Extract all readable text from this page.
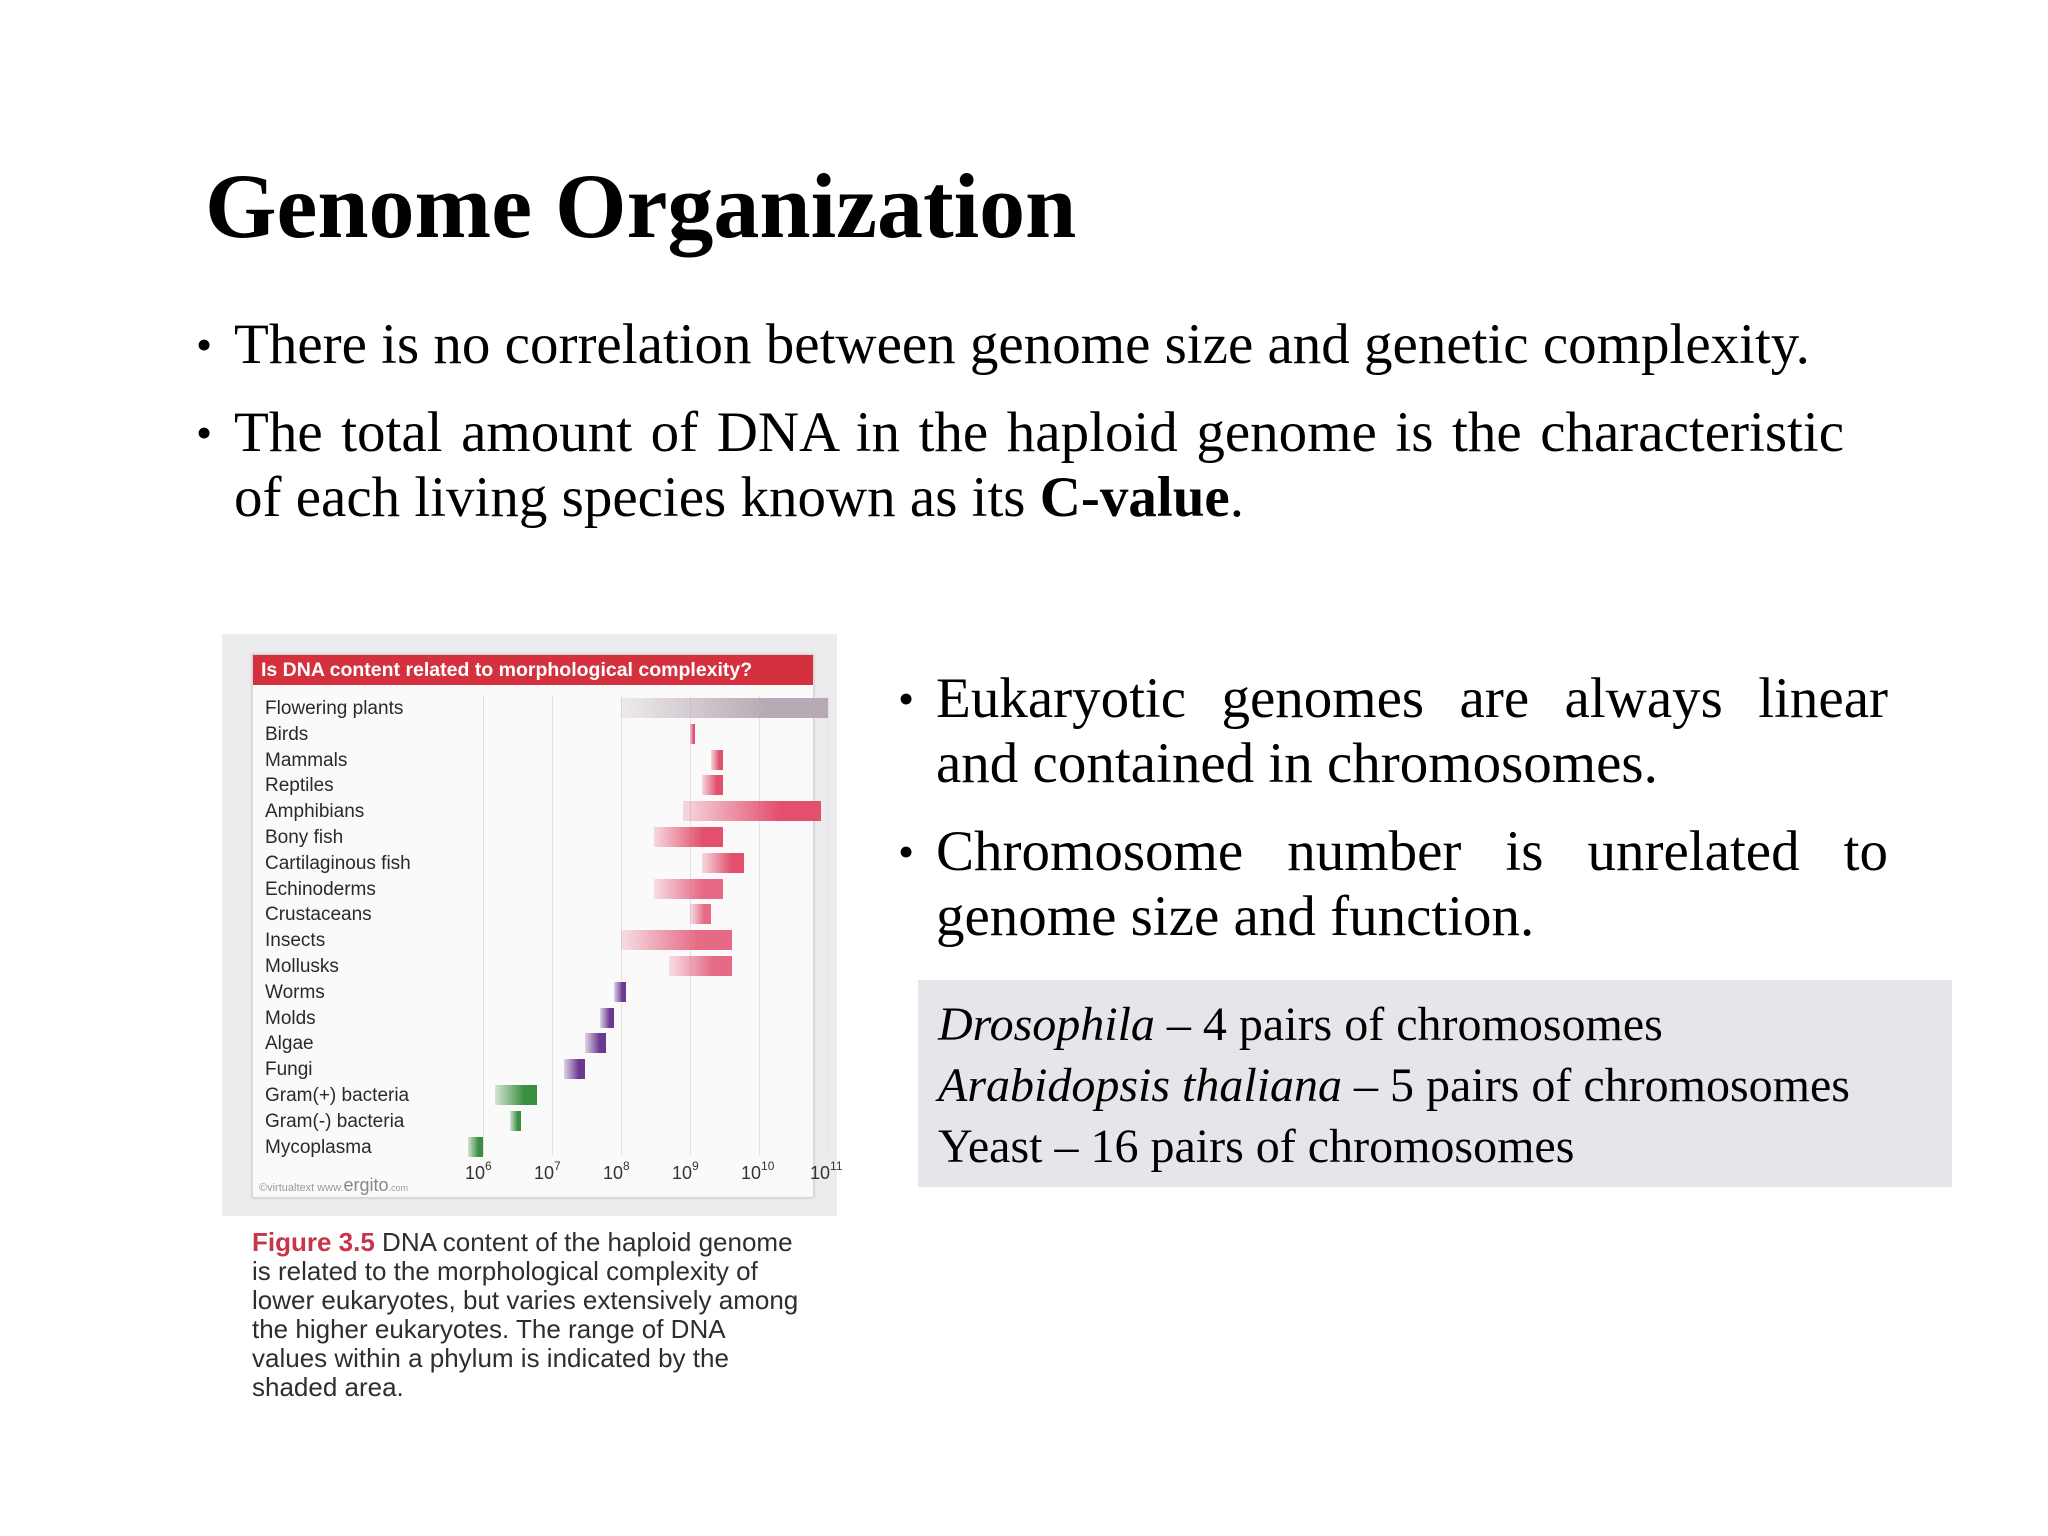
Genome Organization
• There is no correlation between genome size and genetic complexity.
• The total amount of DNA in the haploid genome is the characteristic of each living species known as its C-value.
Is DNA content related to morphological complexity?
©virtualtext www.ergito.com
$10^6$ $10^7$ $10^8$ $10^9$ $10^{10}$ $10^{11}$
Flowering plants
Birds
Mammals
Reptiles
Amphibians
Bony fish
Cartilaginous fish
Echinoderms
Crustaceans
Insects
Mollusks
Worms
Molds
Algae
Fungi
Gram(+) bacteria
Gram(-) bacteria
Mycoplasma
Figure 3.5 DNA content of the haploid genome is related to the morphological complexity of lower eukaryotes, but varies extensively among the higher eukaryotes. The range of DNA values within a phylum is indicated by the shaded area.
• Eukaryotic genomes are always linear and contained in chromosomes.
• Chromosome number is unrelated to genome size and function.
Drosophila – 4 pairs of chromosomes
Arabidopsis thaliana – 5 pairs of chromosomes
Yeast – 16 pairs of chromosomes
